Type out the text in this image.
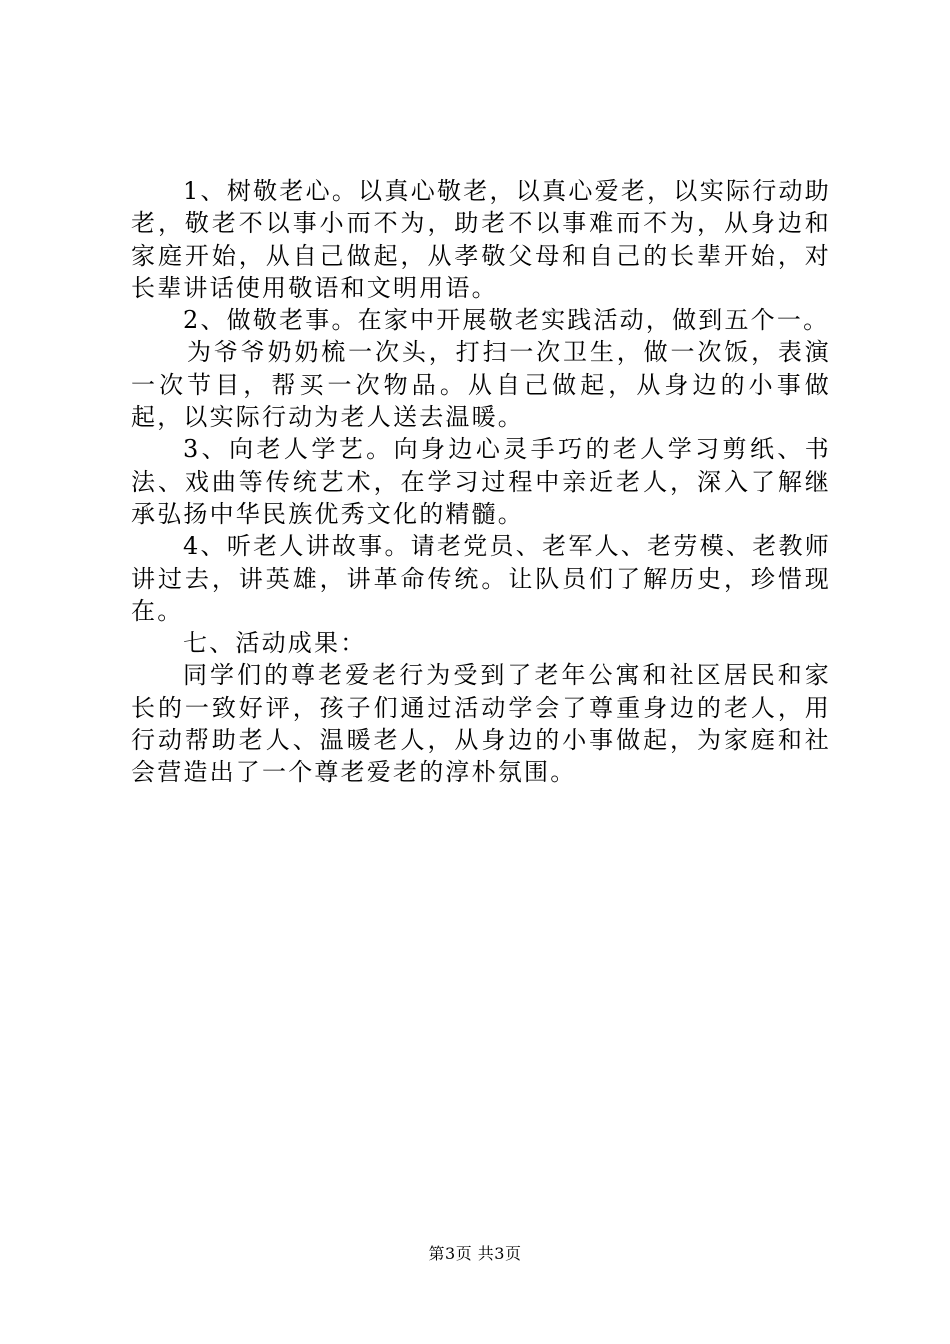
1、树敬老心。以真心敬老，以真心爱老，以实际行动助老，敬老不以事小而不为，助老不以事难而不为，从身边和家庭开始，从自己做起，从孝敬父母和自己的长辈开始，对长辈讲话使用敬语和文明用语。

2、做敬老事。在家中开展敬老实践活动，做到五个一。

为爷爷奶奶梳一次头，打扫一次卫生，做一次饭，表演一次节目，帮买一次物品。从自己做起，从身边的小事做起，以实际行动为老人送去温暖。

3、向老人学艺。向身边心灵手巧的老人学习剪纸、书法、戏曲等传统艺术，在学习过程中亲近老人，深入了解继承弘扬中华民族优秀文化的精髓。

4、听老人讲故事。请老党员、老军人、老劳模、老教师讲过去，讲英雄，讲革命传统。让队员们了解历史，珍惜现在。

七、活动成果：

同学们的尊老爱老行为受到了老年公寓和社区居民和家长的一致好评，孩子们通过活动学会了尊重身边的老人，用行动帮助老人、温暖老人，从身边的小事做起，为家庭和社会营造出了一个尊老爱老的淳朴氛围。

第3页 共3页
